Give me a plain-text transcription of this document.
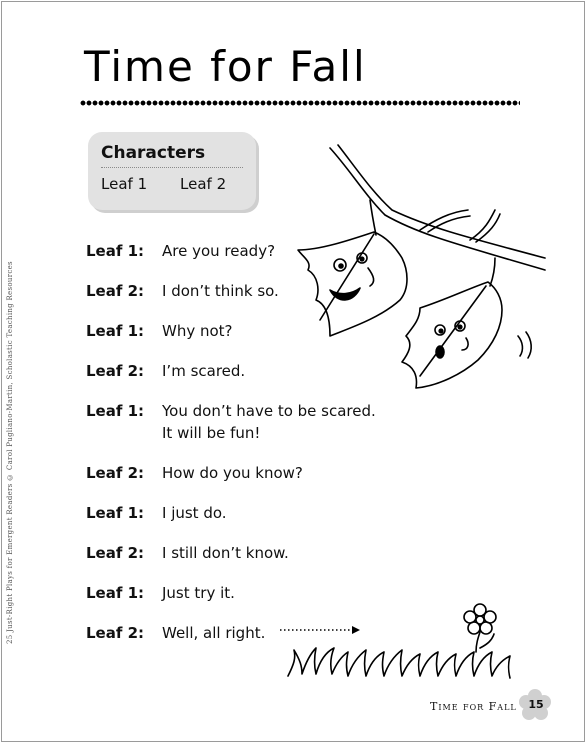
25 Just-Right Plays for Emergent Readers © Carol Pugliano-Martin, Scholastic Teaching Resources
Time for Fall
Characters
Leaf 1 Leaf 2
Leaf 1: Are you ready?
Leaf 2: I don’t think so.
Leaf 1: Why not?
Leaf 2: I’m scared.
Leaf 1: You don’t have to be scared.
It will be fun!
Leaf 2: How do you know?
Leaf 1: I just do.
Leaf 2: I still don’t know.
Leaf 1: Just try it.
Leaf 2: Well, all right.
Time for Fall 15
